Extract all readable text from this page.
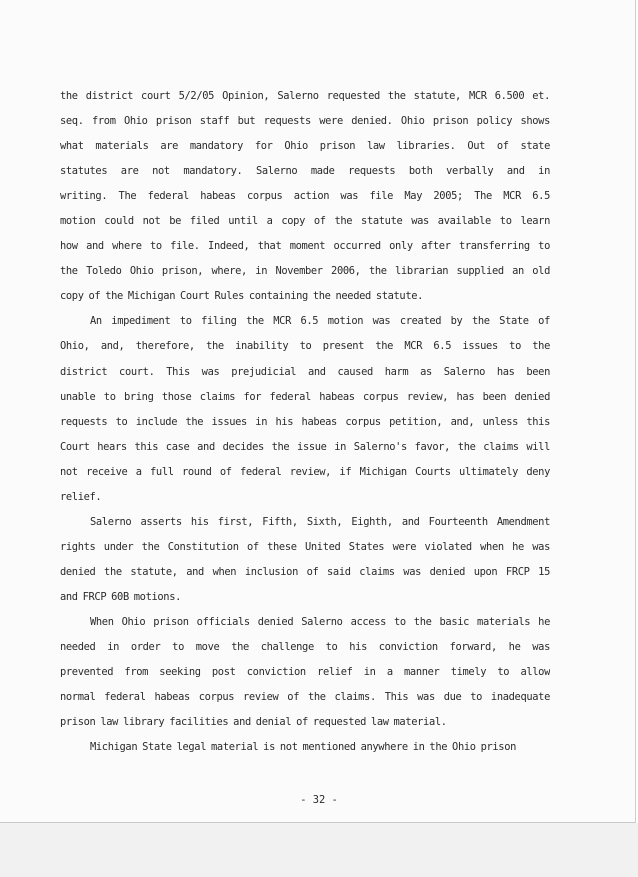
the district court 5/2/05 Opinion, Salerno requested the statute, MCR 6.500 et.
seq. from Ohio prison staff but requests were denied. Ohio prison policy shows
what materials are mandatory for Ohio prison law libraries. Out of state
statutes are not mandatory. Salerno made requests both verbally and in
writing. The federal habeas corpus action was file May 2005; The MCR 6.5
motion could not be filed until a copy of the statute was available to learn
how and where to file. Indeed, that moment occurred only after transferring to
the Toledo Ohio prison, where, in November 2006, the librarian supplied an old
copy of the Michigan Court Rules containing the needed statute.
An impediment to filing the MCR 6.5 motion was created by the State of
Ohio, and, therefore, the inability to present the MCR 6.5 issues to the
district court. This was prejudicial and caused harm as Salerno has been
unable to bring those claims for federal habeas corpus review, has been denied
requests to include the issues in his habeas corpus petition, and, unless this
Court hears this case and decides the issue in Salerno's favor, the claims will
not receive a full round of federal review, if Michigan Courts ultimately deny
relief.
Salerno asserts his first, Fifth, Sixth, Eighth, and Fourteenth Amendment
rights under the Constitution of these United States were violated when he was
denied the statute, and when inclusion of said claims was denied upon FRCP 15
and FRCP 60B motions.
When Ohio prison officials denied Salerno access to the basic materials he
needed in order to move the challenge to his conviction forward, he was
prevented from seeking post conviction relief in a manner timely to allow
normal federal habeas corpus review of the claims. This was due to inadequate
prison law library facilities and denial of requested law material.
Michigan State legal material is not mentioned anywhere in the Ohio prison
- 32 -
